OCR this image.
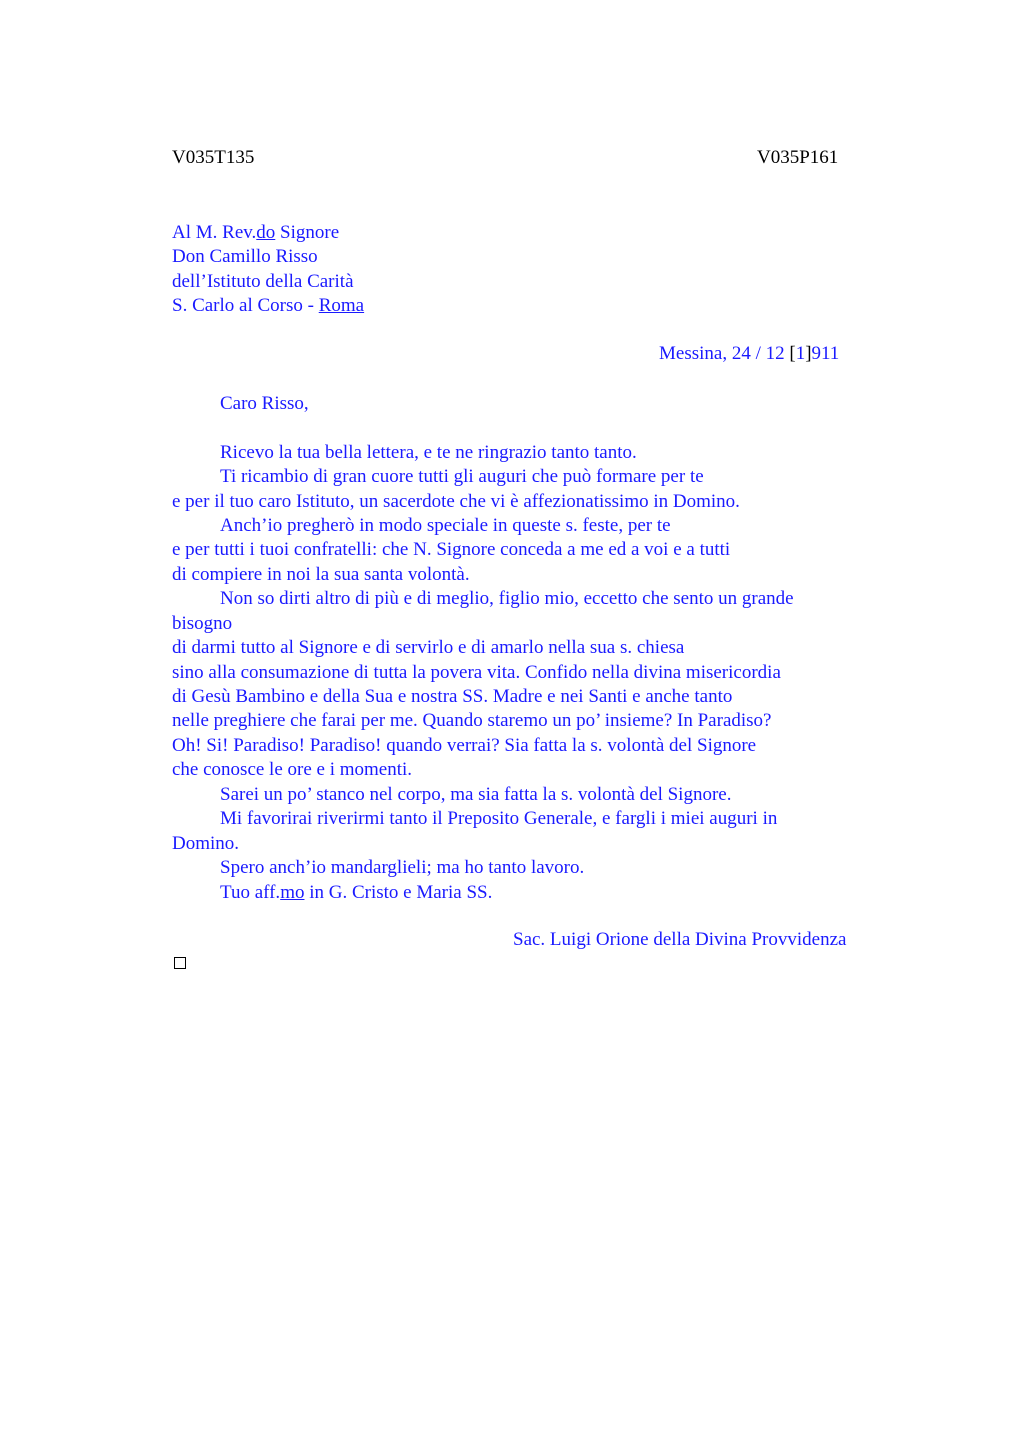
V035T135	V035P161
Al M. Rev.do Signore
Don Camillo Risso
dell’Istituto della Carità
S. Carlo al Corso - Roma
Messina, 24 / 12 [1]911
Caro Risso,
Ricevo la tua bella lettera, e te ne ringrazio tanto tanto.
Ti ricambio di gran cuore tutti gli auguri che può formare per te
e per il tuo caro Istituto, un sacerdote che vi è affezionatissimo in Domino.
Anch’io pregherò in modo speciale in queste s. feste, per te
e per tutti i tuoi confratelli: che N. Signore conceda a me ed a voi e a tutti
di compiere in noi la sua santa volontà.
Non so dirti altro di più e di meglio, figlio mio, eccetto che sento un grande
bisogno
di darmi tutto al Signore e di servirlo e di amarlo nella sua s. chiesa
sino alla consumazione di tutta la povera vita. Confido nella divina misericordia
di Gesù Bambino e della Sua e nostra SS. Madre e nei Santi e anche tanto
nelle preghiere che farai per me. Quando staremo un po’ insieme? In Paradiso?
Oh! Si! Paradiso! Paradiso! quando verrai? Sia fatta la s. volontà del Signore
che conosce le ore e i momenti.
Sarei un po’ stanco nel corpo, ma sia fatta la s. volontà del Signore.
Mi favorirai riverirmi tanto il Preposito Generale, e fargli i miei auguri in
Domino.
Spero anch’io mandarglieli; ma ho tanto lavoro.
Tuo aff.mo in G. Cristo e Maria SS.
Sac. Luigi Orione della Divina Provvidenza
